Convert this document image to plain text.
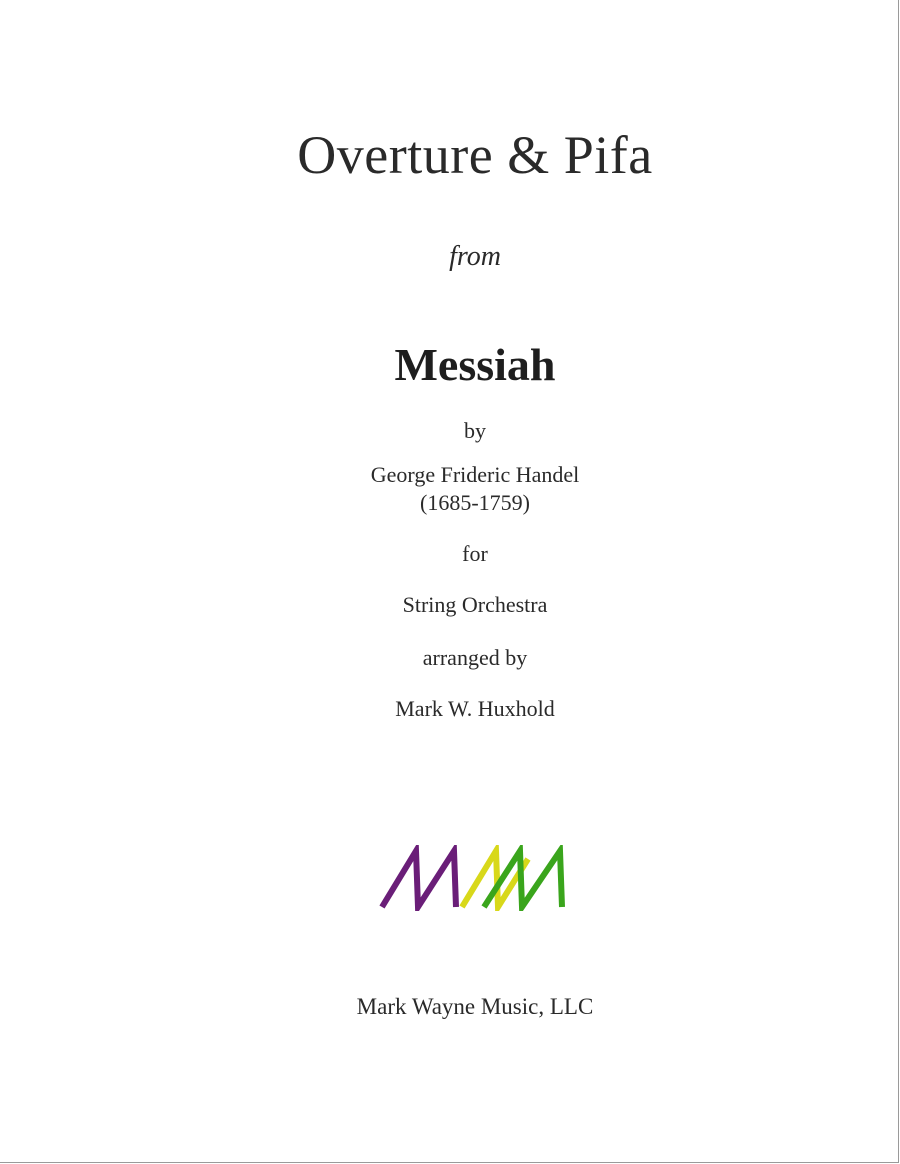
Overture & Pifa
from
Messiah
by
George Frideric Handel
(1685-1759)
for
String Orchestra
arranged by
Mark W. Huxhold
Mark Wayne Music, LLC
